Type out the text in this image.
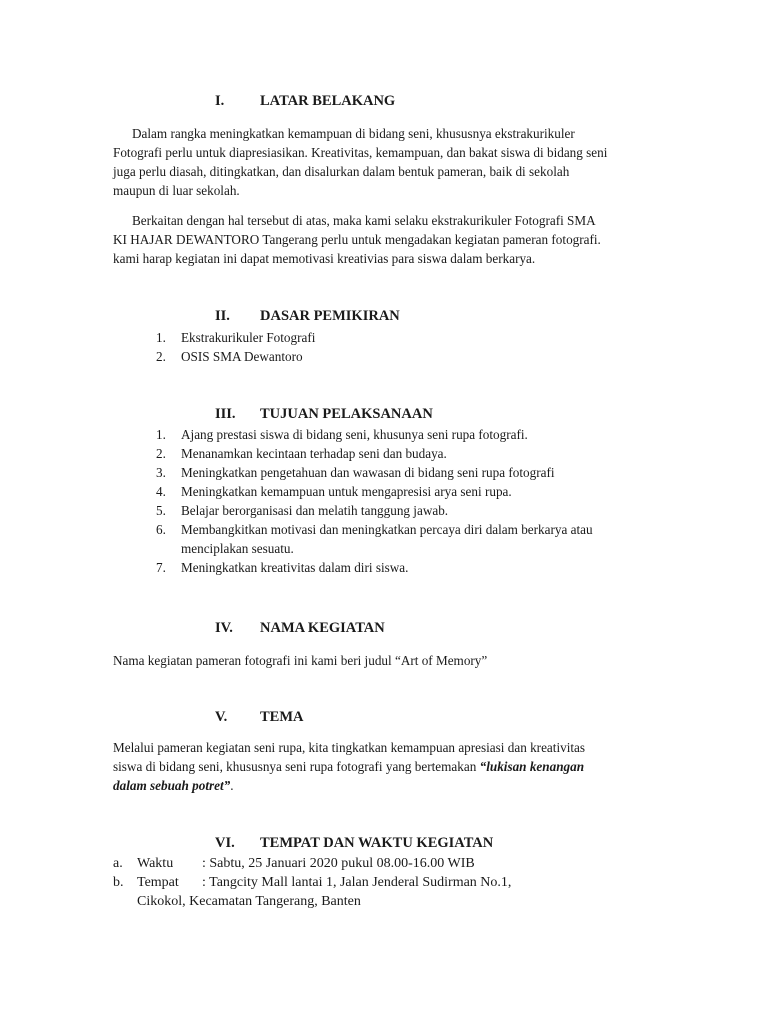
I. LATAR BELAKANG
Dalam rangka meningkatkan kemampuan di bidang seni, khususnya ekstrakurikuler
Fotografi perlu untuk diapresiasikan. Kreativitas, kemampuan, dan bakat siswa di bidang seni
juga perlu diasah, ditingkatkan, dan disalurkan dalam bentuk pameran, baik di sekolah
maupun di luar sekolah.
Berkaitan dengan hal tersebut di atas, maka kami selaku ekstrakurikuler Fotografi SMA
KI HAJAR DEWANTORO Tangerang perlu untuk mengadakan kegiatan pameran fotografi.
kami harap kegiatan ini dapat memotivasi kreativias para siswa dalam berkarya.
II. DASAR PEMIKIRAN
1.	Ekstrakurikuler Fotografi
2.	OSIS SMA Dewantoro
III. TUJUAN PELAKSANAAN
1.	Ajang prestasi siswa di bidang seni, khusunya seni rupa fotografi.
2.	Menanamkan kecintaan terhadap seni dan budaya.
3.	Meningkatkan pengetahuan dan wawasan di bidang seni rupa fotografi
4.	Meningkatkan kemampuan untuk mengapresisi arya seni rupa.
5.	Belajar berorganisasi dan melatih tanggung jawab.
6.	Membangkitkan motivasi dan meningkatkan percaya diri dalam berkarya atau
menciplakan sesuatu.
7.	Meningkatkan kreativitas dalam diri siswa.
IV. NAMA KEGIATAN
Nama kegiatan pameran fotografi ini kami beri judul “Art of Memory”
V. TEMA
Melalui pameran kegiatan seni rupa, kita tingkatkan kemampuan apresiasi dan kreativitas
siswa di bidang seni, khususnya seni rupa fotografi yang bertemakan “lukisan kenangan
dalam sebuah potret”.
VI. TEMPAT DAN WAKTU KEGIATAN
a. Waktu : Sabtu, 25 Januari 2020 pukul 08.00-16.00 WIB
b. Tempat : Tangcity Mall lantai 1, Jalan Jenderal Sudirman No.1,
Cikokol, Kecamatan Tangerang, Banten
